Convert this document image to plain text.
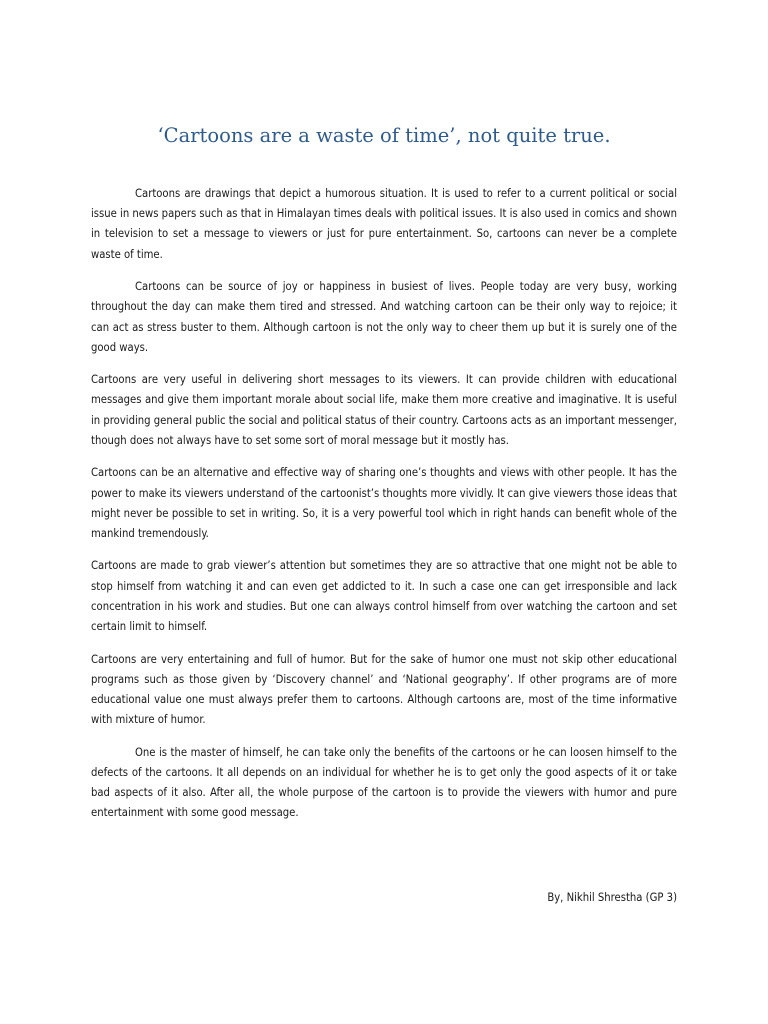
‘Cartoons are a waste of time’, not quite true.

Cartoons are drawings that depict a humorous situation. It is used to refer to a current political or social issue in news papers such as that in Himalayan times deals with political issues. It is also used in comics and shown in television to set a message to viewers or just for pure entertainment. So, cartoons can never be a complete waste of time.

Cartoons can be source of joy or happiness in busiest of lives. People today are very busy, working throughout the day can make them tired and stressed. And watching cartoon can be their only way to rejoice; it can act as stress buster to them. Although cartoon is not the only way to cheer them up but it is surely one of the good ways.

Cartoons are very useful in delivering short messages to its viewers. It can provide children with educational messages and give them important morale about social life, make them more creative and imaginative. It is useful in providing general public the social and political status of their country. Cartoons acts as an important messenger, though does not always have to set some sort of moral message but it mostly has.

Cartoons can be an alternative and effective way of sharing one’s thoughts and views with other people. It has the power to make its viewers understand of the cartoonist’s thoughts more vividly. It can give viewers those ideas that might never be possible to set in writing. So, it is a very powerful tool which in right hands can benefit whole of the mankind tremendously.

Cartoons are made to grab viewer’s attention but sometimes they are so attractive that one might not be able to stop himself from watching it and can even get addicted to it. In such a case one can get irresponsible and lack concentration in his work and studies. But one can always control himself from over watching the cartoon and set certain limit to himself.

Cartoons are very entertaining and full of humor. But for the sake of humor one must not skip other educational programs such as those given by ‘Discovery channel’ and ‘National geography’. If other programs are of more educational value one must always prefer them to cartoons. Although cartoons are, most of the time informative with mixture of humor.

One is the master of himself, he can take only the benefits of the cartoons or he can loosen himself to the defects of the cartoons. It all depends on an individual for whether he is to get only the good aspects of it or take bad aspects of it also. After all, the whole purpose of the cartoon is to provide the viewers with humor and pure entertainment with some good message.

By, Nikhil Shrestha (GP 3)
